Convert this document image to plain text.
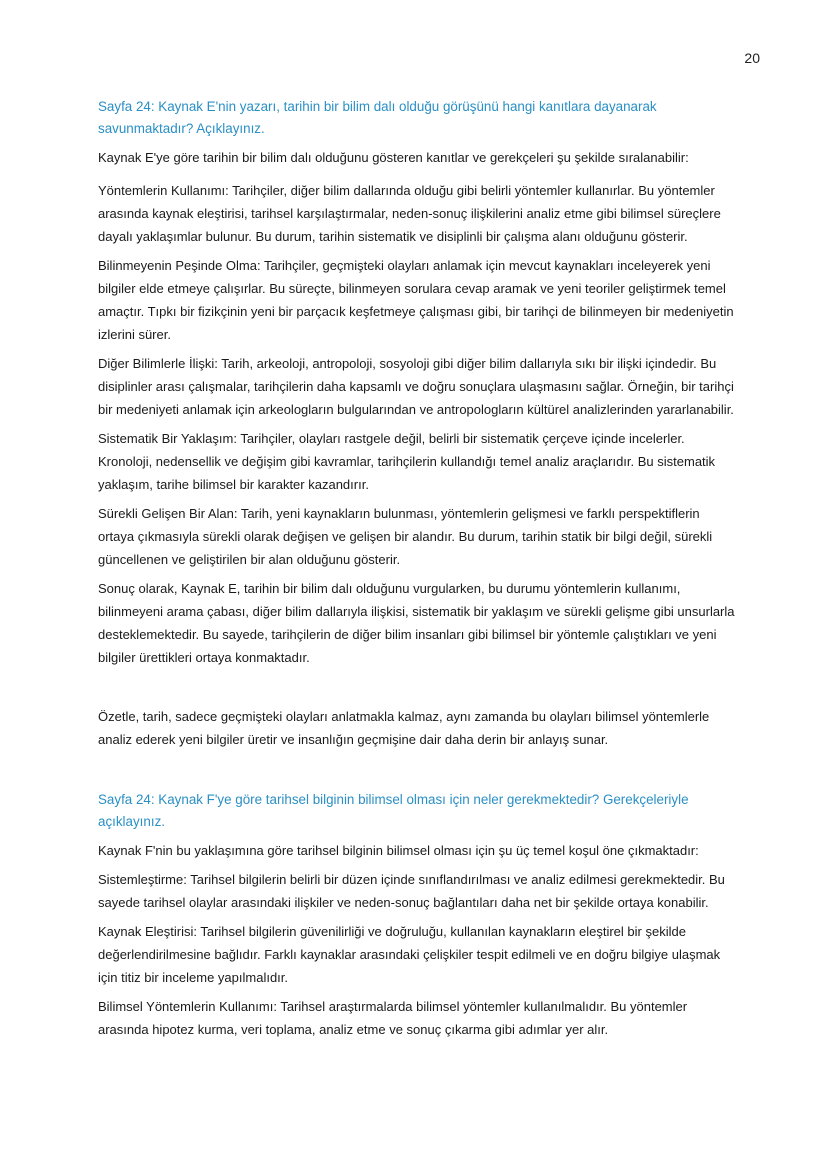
20

Sayfa 24: Kaynak E'nin yazarı, tarihin bir bilim dalı olduğu görüşünü hangi kanıtlara dayanarak savunmaktadır? Açıklayınız.

Kaynak E'ye göre tarihin bir bilim dalı olduğunu gösteren kanıtlar ve gerekçeleri şu şekilde sıralanabilir:

Yöntemlerin Kullanımı: Tarihçiler, diğer bilim dallarında olduğu gibi belirli yöntemler kullanırlar. Bu yöntemler arasında kaynak eleştirisi, tarihsel karşılaştırmalar, neden-sonuç ilişkilerini analiz etme gibi bilimsel süreçlere dayalı yaklaşımlar bulunur. Bu durum, tarihin sistematik ve disiplinli bir çalışma alanı olduğunu gösterir.

Bilinmeyenin Peşinde Olma: Tarihçiler, geçmişteki olayları anlamak için mevcut kaynakları inceleyerek yeni bilgiler elde etmeye çalışırlar. Bu süreçte, bilinmeyen sorulara cevap aramak ve yeni teoriler geliştirmek temel amaçtır. Tıpkı bir fizikçinin yeni bir parçacık keşfetmeye çalışması gibi, bir tarihçi de bilinmeyen bir medeniyetin izlerini sürer.

Diğer Bilimlerle İlişki: Tarih, arkeoloji, antropoloji, sosyoloji gibi diğer bilim dallarıyla sıkı bir ilişki içindedir. Bu disiplinler arası çalışmalar, tarihçilerin daha kapsamlı ve doğru sonuçlara ulaşmasını sağlar. Örneğin, bir tarihçi bir medeniyeti anlamak için arkeologların bulgularından ve antropologların kültürel analizlerinden yararlanabilir.

Sistematik Bir Yaklaşım: Tarihçiler, olayları rastgele değil, belirli bir sistematik çerçeve içinde incelerler. Kronoloji, nedensellik ve değişim gibi kavramlar, tarihçilerin kullandığı temel analiz araçlarıdır. Bu sistematik yaklaşım, tarihe bilimsel bir karakter kazandırır.

Sürekli Gelişen Bir Alan: Tarih, yeni kaynakların bulunması, yöntemlerin gelişmesi ve farklı perspektiflerin ortaya çıkmasıyla sürekli olarak değişen ve gelişen bir alandır. Bu durum, tarihin statik bir bilgi değil, sürekli güncellenen ve geliştirilen bir alan olduğunu gösterir.

Sonuç olarak, Kaynak E, tarihin bir bilim dalı olduğunu vurgularken, bu durumu yöntemlerin kullanımı, bilinmeyeni arama çabası, diğer bilim dallarıyla ilişkisi, sistematik bir yaklaşım ve sürekli gelişme gibi unsurlarla desteklemektedir. Bu sayede, tarihçilerin de diğer bilim insanları gibi bilimsel bir yöntemle çalıştıkları ve yeni bilgiler ürettikleri ortaya konmaktadır.

Özetle, tarih, sadece geçmişteki olayları anlatmakla kalmaz, aynı zamanda bu olayları bilimsel yöntemlerle analiz ederek yeni bilgiler üretir ve insanlığın geçmişine dair daha derin bir anlayış sunar.

Sayfa 24: Kaynak F'ye göre tarihsel bilginin bilimsel olması için neler gerekmektedir? Gerekçeleriyle açıklayınız.

Kaynak F'nin bu yaklaşımına göre tarihsel bilginin bilimsel olması için şu üç temel koşul öne çıkmaktadır:

Sistemleştirme: Tarihsel bilgilerin belirli bir düzen içinde sınıflandırılması ve analiz edilmesi gerekmektedir. Bu sayede tarihsel olaylar arasındaki ilişkiler ve neden-sonuç bağlantıları daha net bir şekilde ortaya konabilir.

Kaynak Eleştirisi: Tarihsel bilgilerin güvenilirliği ve doğruluğu, kullanılan kaynakların eleştirel bir şekilde değerlendirilmesine bağlıdır. Farklı kaynaklar arasındaki çelişkiler tespit edilmeli ve en doğru bilgiye ulaşmak için titiz bir inceleme yapılmalıdır.

Bilimsel Yöntemlerin Kullanımı: Tarihsel araştırmalarda bilimsel yöntemler kullanılmalıdır. Bu yöntemler arasında hipotez kurma, veri toplama, analiz etme ve sonuç çıkarma gibi adımlar yer alır.
